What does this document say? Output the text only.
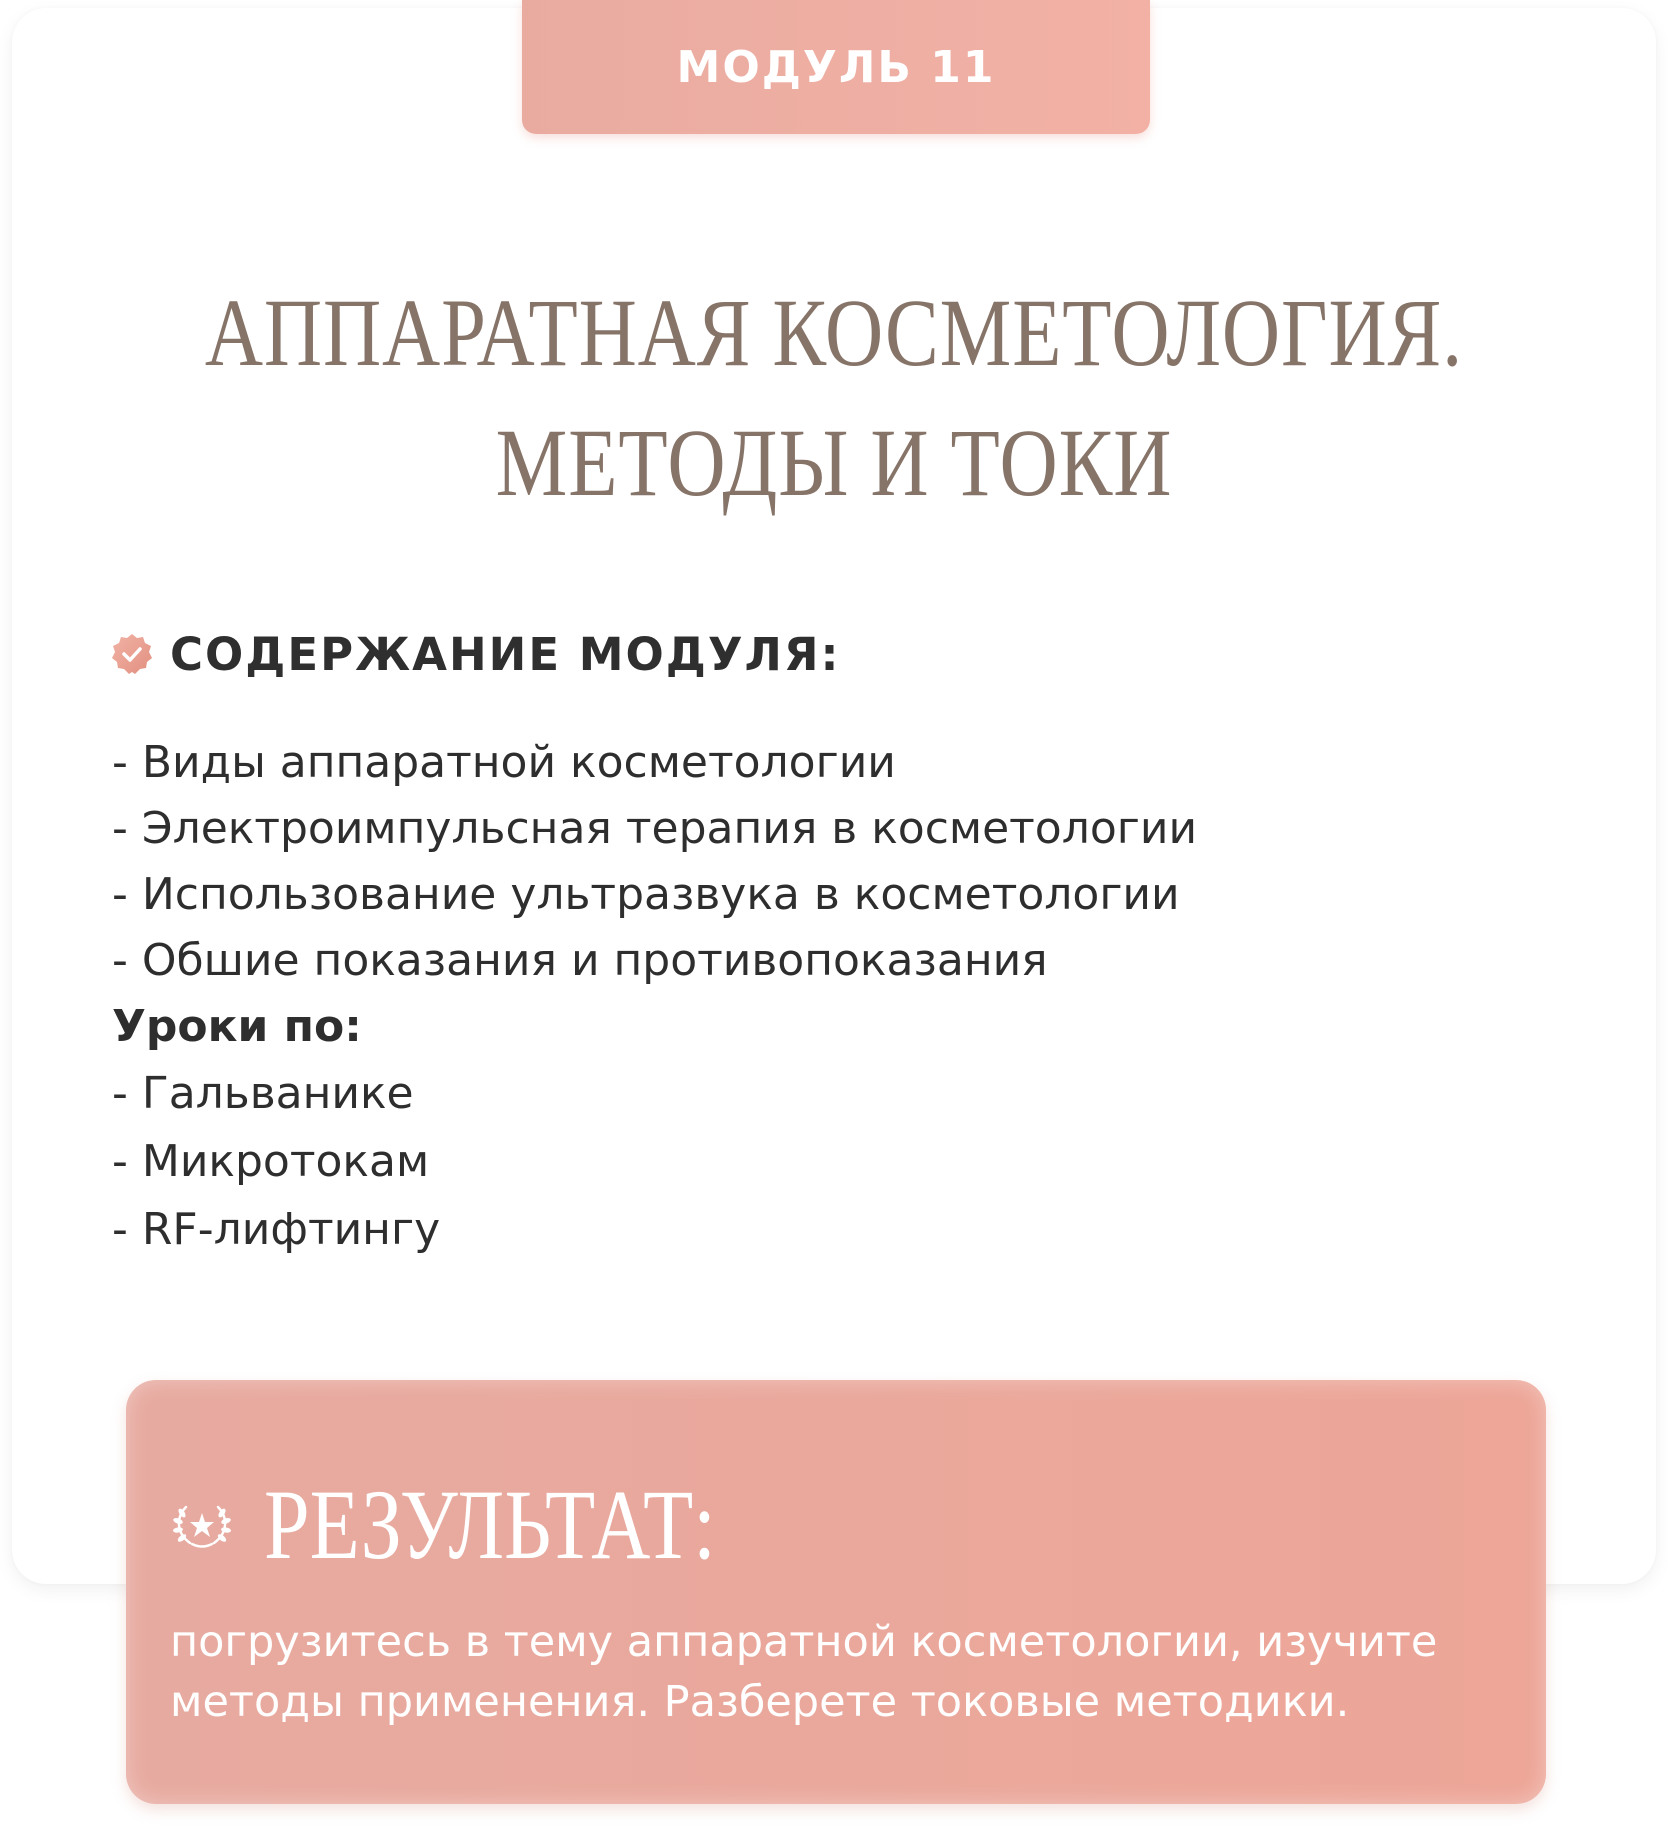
МОДУЛЬ 11
АППАРАТНАЯ КОСМЕТОЛОГИЯ.
МЕТОДЫ И ТОКИ
СОДЕРЖАНИЕ МОДУЛЯ:
- Виды аппаратной косметологии
- Электроимпульсная терапия в косметологии
- Использование ультразвука в косметологии
- Обшие показания и противопоказания
Уроки по:
- Гальванике
- Микротокам
- RF-лифтингу
РЕЗУЛЬТАТ:
погрузитесь в тему аппаратной косметологии, изучите
методы применения. Разберете токовые методики.
